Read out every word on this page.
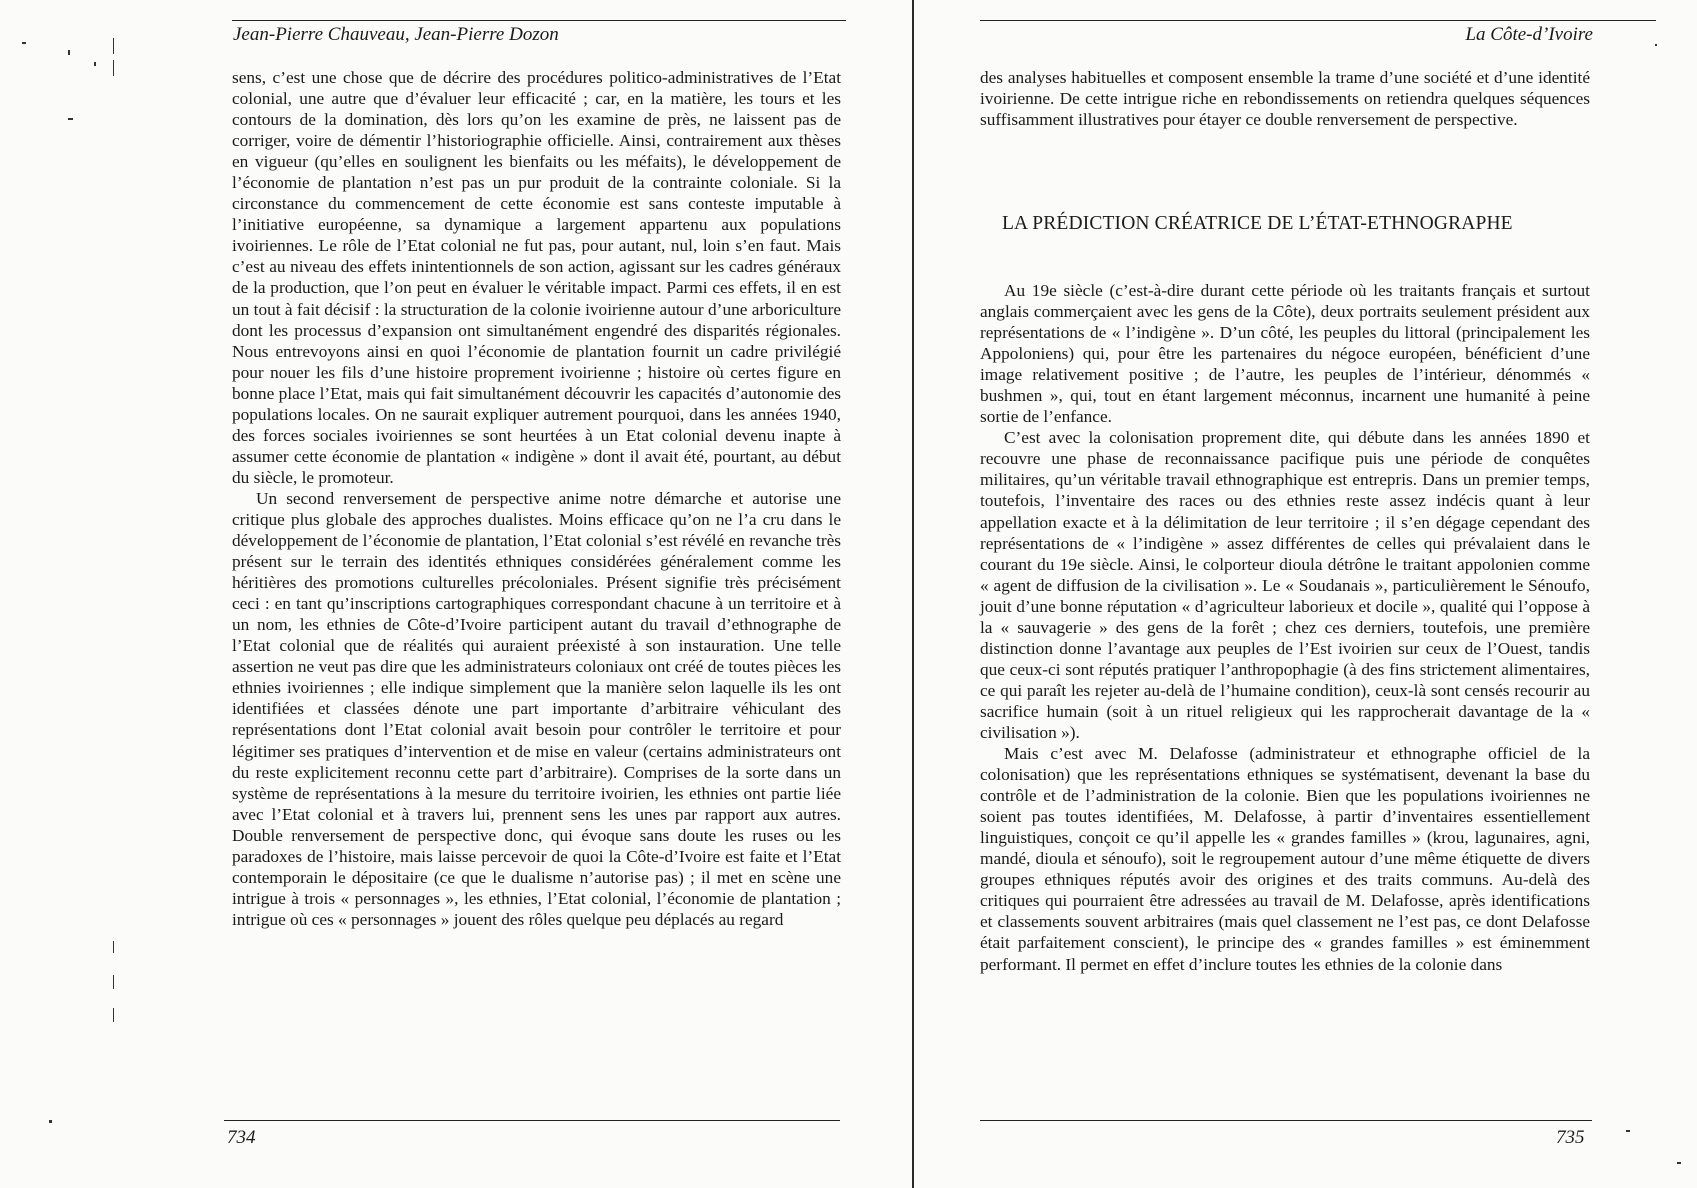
Jean-Pierre Chauveau, Jean-Pierre Dozon

sens, c’est une chose que de décrire des procédures politico-administratives de l’Etat colonial, une autre que d’évaluer leur efficacité ; car, en la matière, les tours et les contours de la domination, dès lors qu’on les examine de près, ne laissent pas de corriger, voire de démentir l’historiographie officielle. Ainsi, contrairement aux thèses en vigueur (qu’elles en soulignent les bienfaits ou les méfaits), le développement de l’économie de plantation n’est pas un pur produit de la contrainte coloniale. Si la circonstance du commencement de cette économie est sans conteste imputable à l’initiative européenne, sa dynamique a largement appartenu aux populations ivoiriennes. Le rôle de l’Etat colonial ne fut pas, pour autant, nul, loin s’en faut. Mais c’est au niveau des effets inintentionnels de son action, agissant sur les cadres généraux de la production, que l’on peut en évaluer le véritable impact. Parmi ces effets, il en est un tout à fait décisif : la structuration de la colonie ivoirienne autour d’une arboriculture dont les processus d’expansion ont simultanément engendré des disparités régionales. Nous entrevoyons ainsi en quoi l’économie de plantation fournit un cadre privilégié pour nouer les fils d’une histoire proprement ivoirienne ; histoire où certes figure en bonne place l’Etat, mais qui fait simultanément découvrir les capacités d’autonomie des populations locales. On ne saurait expliquer autrement pourquoi, dans les années 1940, des forces sociales ivoiriennes se sont heurtées à un Etat colonial devenu inapte à assumer cette économie de plantation « indigène » dont il avait été, pourtant, au début du siècle, le promoteur.

Un second renversement de perspective anime notre démarche et autorise une critique plus globale des approches dualistes. Moins efficace qu’on ne l’a cru dans le développement de l’économie de plantation, l’Etat colonial s’est révélé en revanche très présent sur le terrain des identités ethniques considérées généralement comme les héritières des promotions culturelles précoloniales. Présent signifie très précisément ceci : en tant qu’inscriptions cartographiques correspondant chacune à un territoire et à un nom, les ethnies de Côte-d’Ivoire participent autant du travail d’ethnographe de l’Etat colonial que de réalités qui auraient préexisté à son instauration. Une telle assertion ne veut pas dire que les administrateurs coloniaux ont créé de toutes pièces les ethnies ivoiriennes ; elle indique simplement que la manière selon laquelle ils les ont identifiées et classées dénote une part importante d’arbitraire véhiculant des représentations dont l’Etat colonial avait besoin pour contrôler le territoire et pour légitimer ses pratiques d’intervention et de mise en valeur (certains administrateurs ont du reste explicitement reconnu cette part d’arbitraire). Comprises de la sorte dans un système de représentations à la mesure du territoire ivoirien, les ethnies ont partie liée avec l’Etat colonial et à travers lui, prennent sens les unes par rapport aux autres. Double renversement de perspective donc, qui évoque sans doute les ruses ou les paradoxes de l’histoire, mais laisse percevoir de quoi la Côte-d’Ivoire est faite et l’Etat contemporain le dépositaire (ce que le dualisme n’autorise pas) ; il met en scène une intrigue à trois « personnages », les ethnies, l’Etat colonial, l’économie de plantation ; intrigue où ces « personnages » jouent des rôles quelque peu déplacés au regard

734
La Côte-d’Ivoire

des analyses habituelles et composent ensemble la trame d’une société et d’une identité ivoirienne. De cette intrigue riche en rebondissements on retiendra quelques séquences suffisamment illustratives pour étayer ce double renversement de perspective.

LA PRÉDICTION CRÉATRICE DE L’ÉTAT-ETHNOGRAPHE

Au 19e siècle (c’est-à-dire durant cette période où les traitants français et surtout anglais commerçaient avec les gens de la Côte), deux portraits seulement président aux représentations de « l’indigène ». D’un côté, les peuples du littoral (principalement les Appoloniens) qui, pour être les partenaires du négoce européen, bénéficient d’une image relativement positive ; de l’autre, les peuples de l’intérieur, dénommés « bushmen », qui, tout en étant largement méconnus, incarnent une humanité à peine sortie de l’enfance.

C’est avec la colonisation proprement dite, qui débute dans les années 1890 et recouvre une phase de reconnaissance pacifique puis une période de conquêtes militaires, qu’un véritable travail ethnographique est entrepris. Dans un premier temps, toutefois, l’inventaire des races ou des ethnies reste assez indécis quant à leur appellation exacte et à la délimitation de leur territoire ; il s’en dégage cependant des représentations de « l’indigène » assez différentes de celles qui prévalaient dans le courant du 19e siècle. Ainsi, le colporteur dioula détrône le traitant appolonien comme « agent de diffusion de la civilisation ». Le « Soudanais », particulièrement le Sénoufo, jouit d’une bonne réputation « d’agriculteur laborieux et docile », qualité qui l’oppose à la « sauvagerie » des gens de la forêt ; chez ces derniers, toutefois, une première distinction donne l’avantage aux peuples de l’Est ivoirien sur ceux de l’Ouest, tandis que ceux-ci sont réputés pratiquer l’anthropophagie (à des fins strictement alimentaires, ce qui paraît les rejeter au-delà de l’humaine condition), ceux-là sont censés recourir au sacrifice humain (soit à un rituel religieux qui les rapprocherait davantage de la « civilisation »).

Mais c’est avec M. Delafosse (administrateur et ethnographe officiel de la colonisation) que les représentations ethniques se systématisent, devenant la base du contrôle et de l’administration de la colonie. Bien que les populations ivoiriennes ne soient pas toutes identifiées, M. Delafosse, à partir d’inventaires essentiellement linguistiques, conçoit ce qu’il appelle les « grandes familles » (krou, lagunaires, agni, mandé, dioula et sénoufo), soit le regroupement autour d’une même étiquette de divers groupes ethniques réputés avoir des origines et des traits communs. Au-delà des critiques qui pourraient être adressées au travail de M. Delafosse, après identifications et classements souvent arbitraires (mais quel classement ne l’est pas, ce dont Delafosse était parfaitement conscient), le principe des « grandes familles » est éminemment performant. Il permet en effet d’inclure toutes les ethnies de la colonie dans

735
